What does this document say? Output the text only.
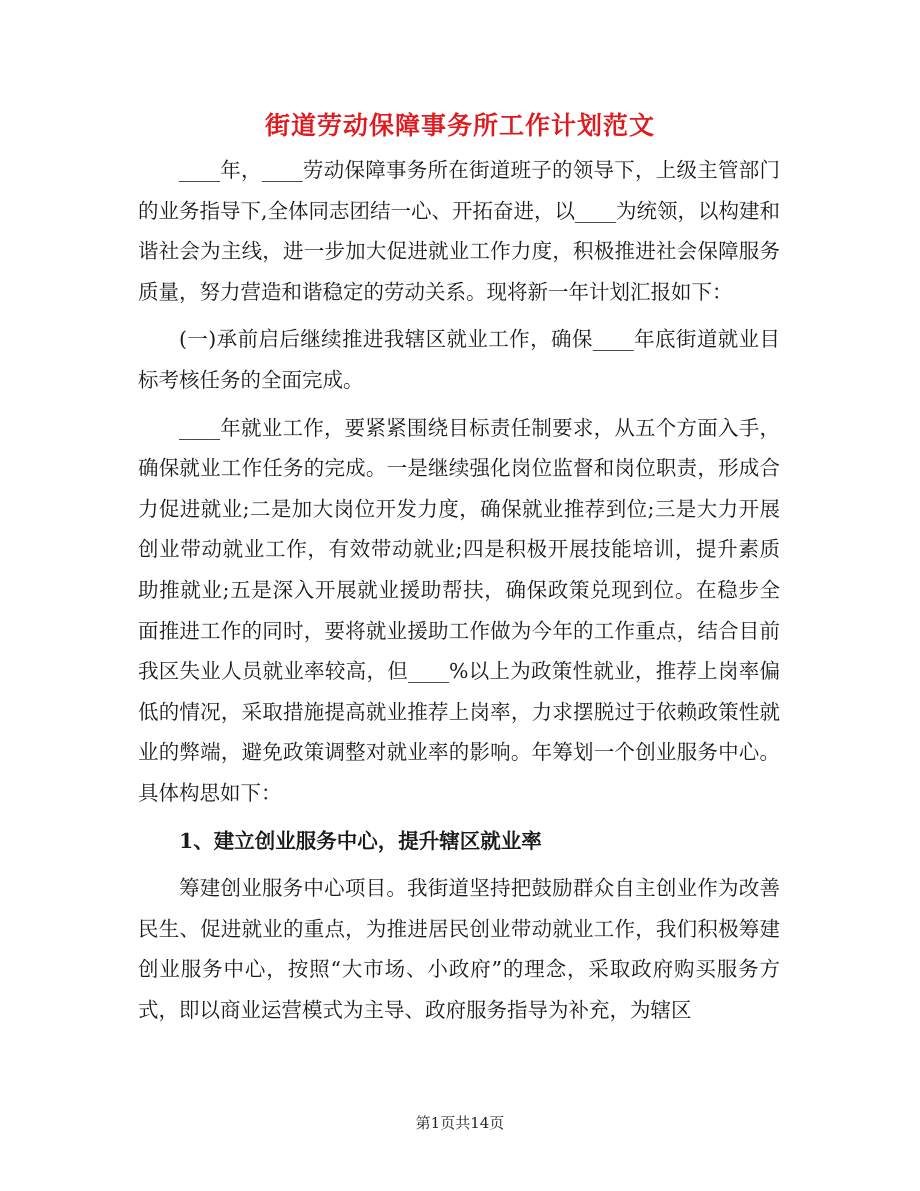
街道劳动保障事务所工作计划范文

____年，____劳动保障事务所在街道班子的领导下，上级主管部门的业务指导下,全体同志团结一心、开拓奋进，以____为统领，以构建和谐社会为主线，进一步加大促进就业工作力度，积极推进社会保障服务质量，努力营造和谐稳定的劳动关系。现将新一年计划汇报如下：

(一)承前启后继续推进我辖区就业工作，确保____年底街道就业目标考核任务的全面完成。

____年就业工作，要紧紧围绕目标责任制要求，从五个方面入手，确保就业工作任务的完成。一是继续强化岗位监督和岗位职责，形成合力促进就业;二是加大岗位开发力度，确保就业推荐到位;三是大力开展创业带动就业工作，有效带动就业;四是积极开展技能培训，提升素质助推就业;五是深入开展就业援助帮扶，确保政策兑现到位。在稳步全面推进工作的同时，要将就业援助工作做为今年的工作重点，结合目前我区失业人员就业率较高，但____%以上为政策性就业，推荐上岗率偏低的情况，采取措施提高就业推荐上岗率，力求摆脱过于依赖政策性就业的弊端，避免政策调整对就业率的影响。年筹划一个创业服务中心。具体构思如下：

1、建立创业服务中心，提升辖区就业率

筹建创业服务中心项目。我街道坚持把鼓励群众自主创业作为改善民生、促进就业的重点，为推进居民创业带动就业工作，我们积极筹建创业服务中心，按照“大市场、小政府”的理念，采取政府购买服务方式，即以商业运营模式为主导、政府服务指导为补充，为辖区

第1页共14页
